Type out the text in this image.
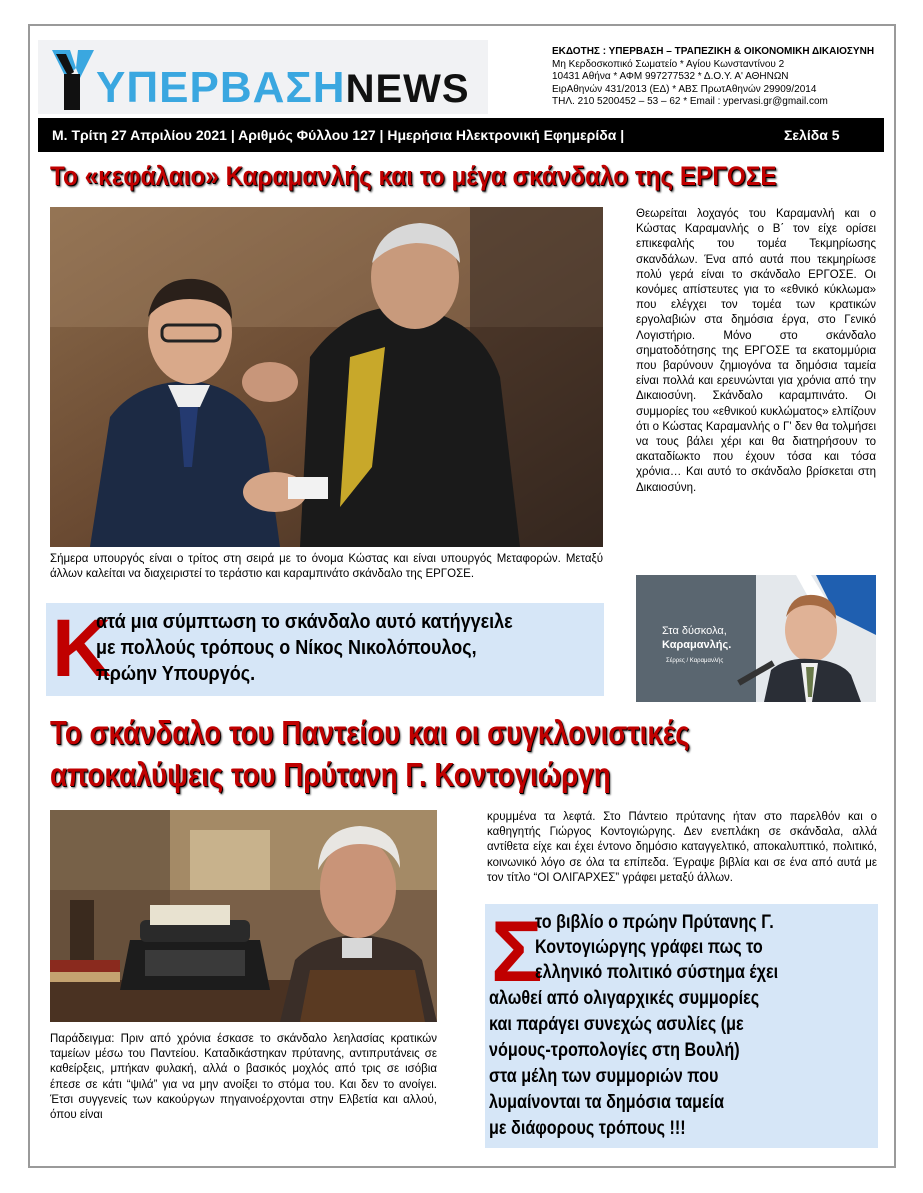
ΥΠΕΡΒΑΣΗNEWS
ΕΚΔΟΤΗΣ : ΥΠΕΡΒΑΣΗ – ΤΡΑΠΕΖΙΚΗ & ΟΙΚΟΝΟΜΙΚΗ ΔΙΚΑΙΟΣΥΝΗ
Μη Κερδοσκοπικό Σωματείο * Αγίου Κωνσταντίνου 2
10431 Αθήνα * ΑΦΜ 997277532 * Δ.Ο.Υ. Α' ΑΘΗΝΩΝ
ΕιρΑθηνών 431/2013 (ΕΔ) * ΑΒΣ ΠρωτΑθηνών 29909/2014
ΤΗΛ. 210 5200452 – 53 – 62 * Email : ypervasi.gr@gmail.com
Μ. Τρίτη 27 Απριλίου 2021 | Αριθμός Φύλλου 127 | Ημερήσια Ηλεκτρονική Εφημερίδα |	Σελίδα 5
Το «κεφάλαιο» Καραμανλής και το μέγα σκάνδαλο της ΕΡΓΟΣΕ
Σήμερα υπουργός είναι ο τρίτος στη σειρά με το όνομα Κώστας και είναι υπουργός Μεταφορών. Μεταξύ άλλων καλείται να διαχειριστεί το τεράστιο και καραμπινάτο σκάνδαλο της ΕΡΓΟΣΕ.
Θεωρείται λοχαγός του Καραμανλή και ο Κώστας Καραμανλής ο Β΄ τον είχε ορίσει επικεφαλής του τομέα Τεκμηρίωσης σκανδάλων. Ένα από αυτά που τεκμηρίωσε πολύ γερά είναι το σκάνδαλο ΕΡΓΟΣΕ. Οι κονόμες απίστευτες για το «εθνικό κύκλωμα» που ελέγχει τον τομέα των κρατικών εργολαβιών στα δημόσια έργα, στο Γενικό Λογιστήριο. Μόνο στο σκάνδαλο σηματοδότησης της ΕΡΓΟΣΕ τα εκατομμύρια που βαρύνουν ζημιογόνα τα δημόσια ταμεία είναι πολλά και ερευνώνται για χρόνια από την Δικαιοσύνη. Σκάνδαλο καραμπινάτο. Οι συμμορίες του «εθνικού κυκλώματος» ελπίζουν ότι ο Κώστας Καραμανλής ο Γ' δεν θα τολμήσει να τους βάλει χέρι και θα διατηρήσουν το ακαταδίωκτο που έχουν τόσα και τόσα χρόνια… Και αυτό το σκάνδαλο βρίσκεται στη Δικαιοσύνη.
Κ
ατά μια σύμπτωση το σκάνδαλο αυτό κατήγγειλε
με πολλούς τρόπους ο Νίκος Νικολόπουλος,
πρώην Υπουργός.
Στα δύσκολα,
Καραμανλής.
Σέρρες / Καραμανλής
Το σκάνδαλο του Παντείου και οι συγκλονιστικές
αποκαλύψεις του Πρύτανη Γ. Κοντογιώργη
Παράδειγμα: Πριν από χρόνια έσκασε το σκάνδαλο λεηλασίας κρατικών ταμείων μέσω του Παντείου. Καταδικάστηκαν πρύτανης, αντιπρυτάνεις σε καθείρξεις, μπήκαν φυλακή, αλλά ο βασικός μοχλός από τρις σε ισόβια έπεσε σε κάτι “ψιλά” για να μην ανοίξει το στόμα του. Και δεν το ανοίγει. Έτσι συγγενείς των κακούργων πηγαινοέρχονται στην Ελβετία και αλλού, όπου είναι
κρυμμένα τα λεφτά. Στο Πάντειο πρύτανης ήταν στο παρελθόν και ο καθηγητής Γιώργος Κοντογιώργης. Δεν ενεπλάκη σε σκάνδαλα, αλλά αντίθετα είχε και έχει έντονο δημόσιο καταγγελτικό, αποκαλυπτικό, πολιτικό, κοινωνικό λόγο σε όλα τα επίπεδα. Έγραψε βιβλία και σε ένα από αυτά με τον τίτλο “ΟΙ ΟΛΙΓΑΡΧΕΣ” γράφει μεταξύ άλλων.
Σ
το βιβλίο ο πρώην Πρύτανης Γ.
Κοντογιώργης γράφει πως το
ελληνικό πολιτικό σύστημα έχει
αλωθεί από ολιγαρχικές συμμορίες
και παράγει συνεχώς ασυλίες (με
νόμους-τροπολογίες στη Βουλή)
στα μέλη των συμμοριών που
λυμαίνονται τα δημόσια ταμεία
με διάφορους τρόπους !!!
